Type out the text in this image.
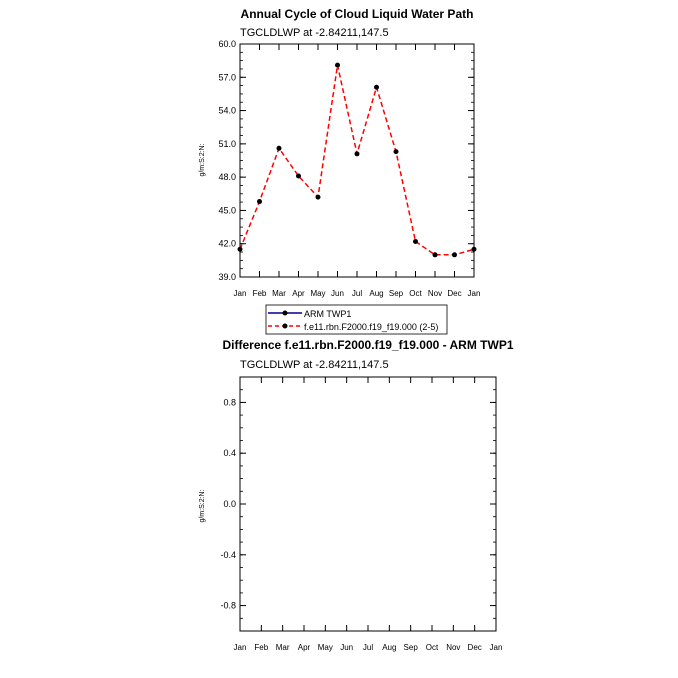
Annual Cycle of Cloud Liquid Water Path
TGCLDLWP at -2.84211,147.5
g/m:S:2:N:
39.0
42.0
45.0
48.0
51.0
54.0
57.0
60.0
Jan Feb Mar Apr May Jun Jul Aug Sep Oct Nov Dec Jan
ARM TWP1
f.e11.rbn.F2000.f19_f19.000 (2-5)
Difference f.e11.rbn.F2000.f19_f19.000 - ARM TWP1
TGCLDLWP at -2.84211,147.5
g/m:S:2:N:
-0.8
-0.4
0.0
0.4
0.8
Jan Feb Mar Apr May Jun Jul Aug Sep Oct Nov Dec Jan
